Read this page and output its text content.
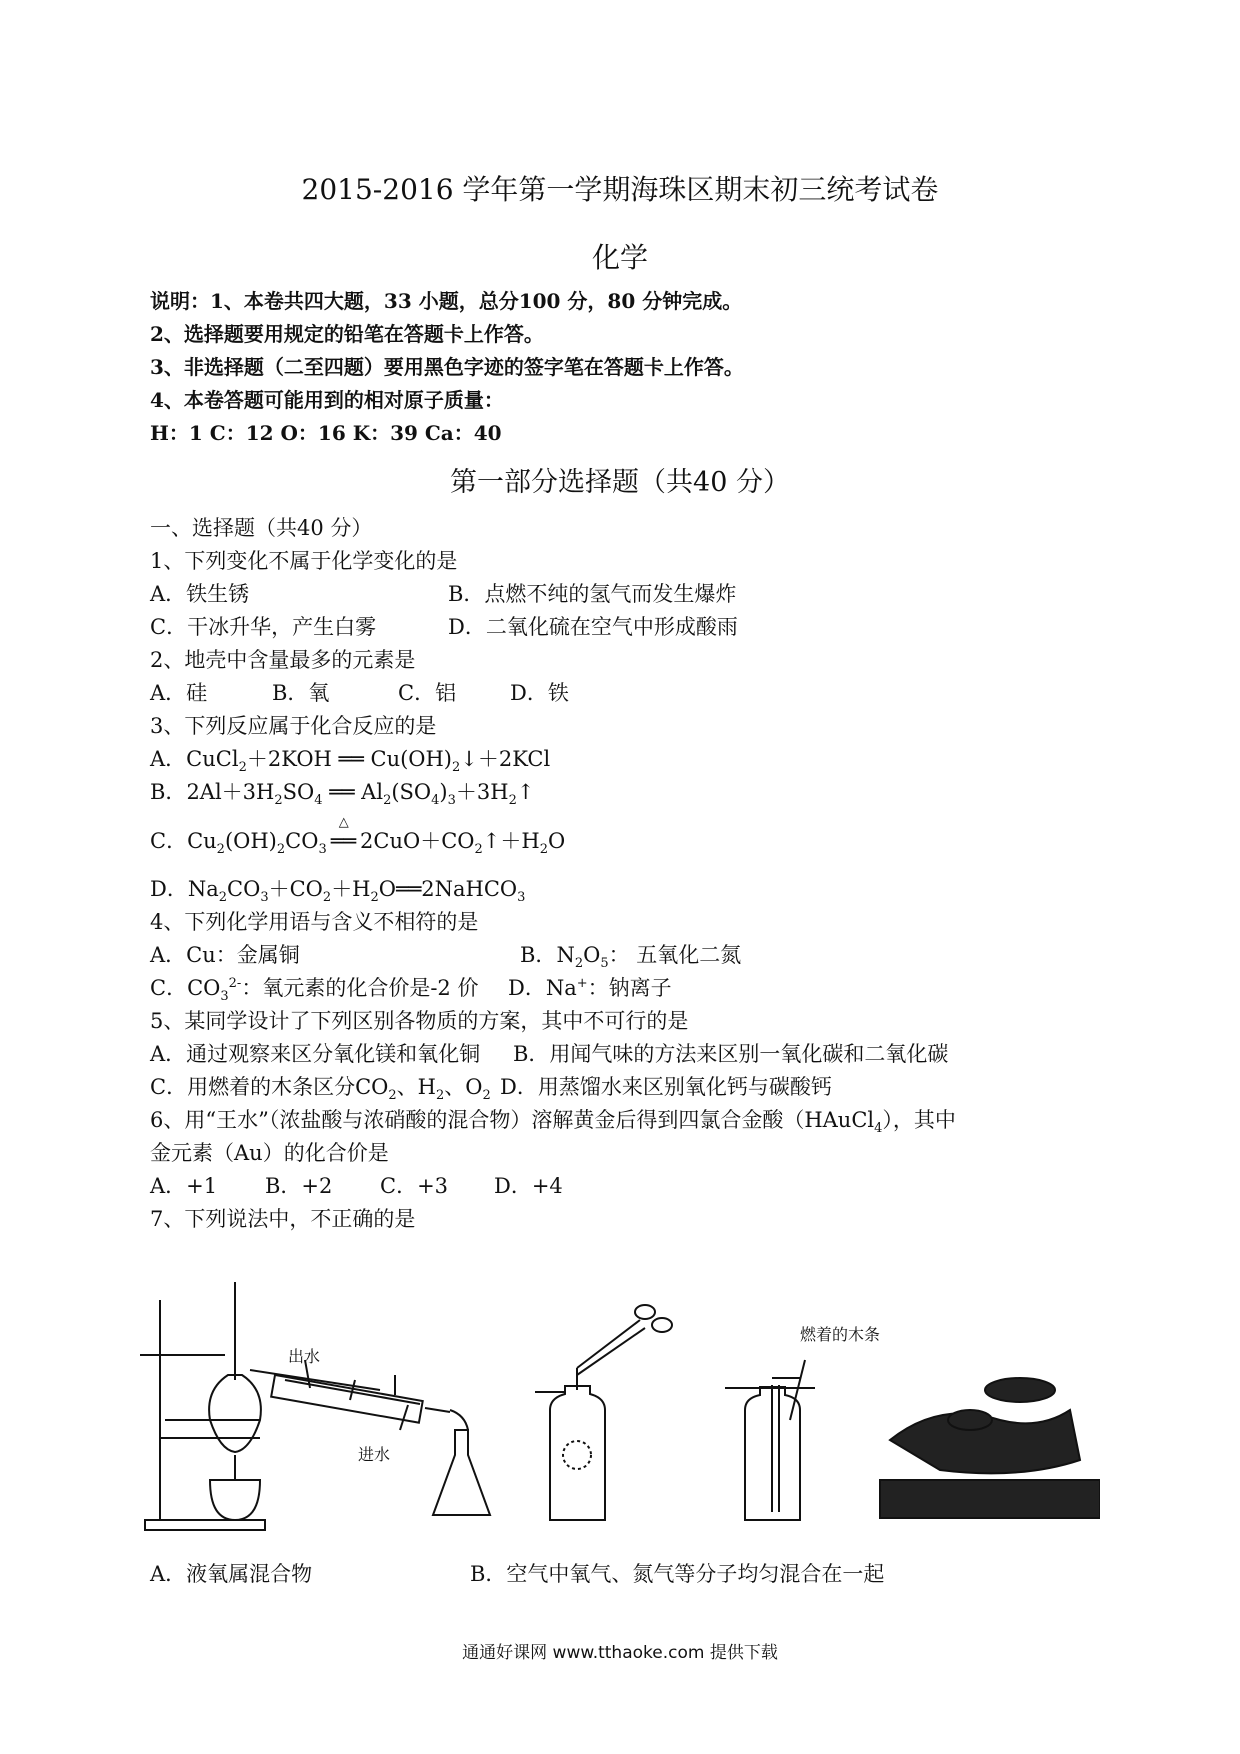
2015-2016 学年第一学期海珠区期末初三统考试卷
化学
说明：1、本卷共四大题，33 小题，总分100 分，80 分钟完成。
2、选择题要用规定的铅笔在答题卡上作答。
3、非选择题（二至四题）要用黑色字迹的签字笔在答题卡上作答。
4、本卷答题可能用到的相对原子质量：
H：1 C：12 O：16 K：39 Ca：40
第一部分选择题（共40 分）
一、选择题（共40 分）
1、下列变化不属于化学变化的是
A．铁生锈	B．点燃不纯的氢气而发生爆炸
C．干冰升华，产生白雾	D．二氧化硫在空气中形成酸雨
2、地壳中含量最多的元素是
A．硅	B．氧	C．铝	D．铁
3、下列反应属于化合反应的是
A．CuCl$_2$＋2KOH ══ $Cu(OH)_2↓+2KCl$
B．$2Al+3H_2SO_4$ ══ $Al_2(SO_4)_3+3H_2↑$
C．$Cu_2(OH)_2CO_3$ ══
△
$2CuO+CO_2↑+H_2O$
D．$Na_2CO_3+CO_2+H_2O══2NaHCO_3$
4、下列化学用语与含义不相符的是
A．Cu：金属铜	B．$N_2O_5$： 五氧化二氮
C．$CO_3^{2-}$：氧元素的化合价是-2 价 D．Na+：钠离子
5、某同学设计了下列区别各物质的方案，其中不可行的是
A．通过观察来区分氧化镁和氧化铜 B．用闻气味的方法来区别一氧化碳和二氧化碳
C．用燃着的木条区分$CO_2$、$H_2$、$O_2$ D．用蒸馏水来区别氧化钙与碳酸钙
6、用“王水”（浓盐酸与浓硝酸的混合物）溶解黄金后得到四氯合金酸（HAuCl$_4$），其中
金元素（Au）的化合价是
A．+1 B．+2 C．+3 D．+4
7、下列说法中，不正确的是
出水
进水
燃着的木条
A．液氧属混合物	B．空气中氧气、氮气等分子均匀混合在一起
通通好课网 www.tthaoke.com 提供下载
